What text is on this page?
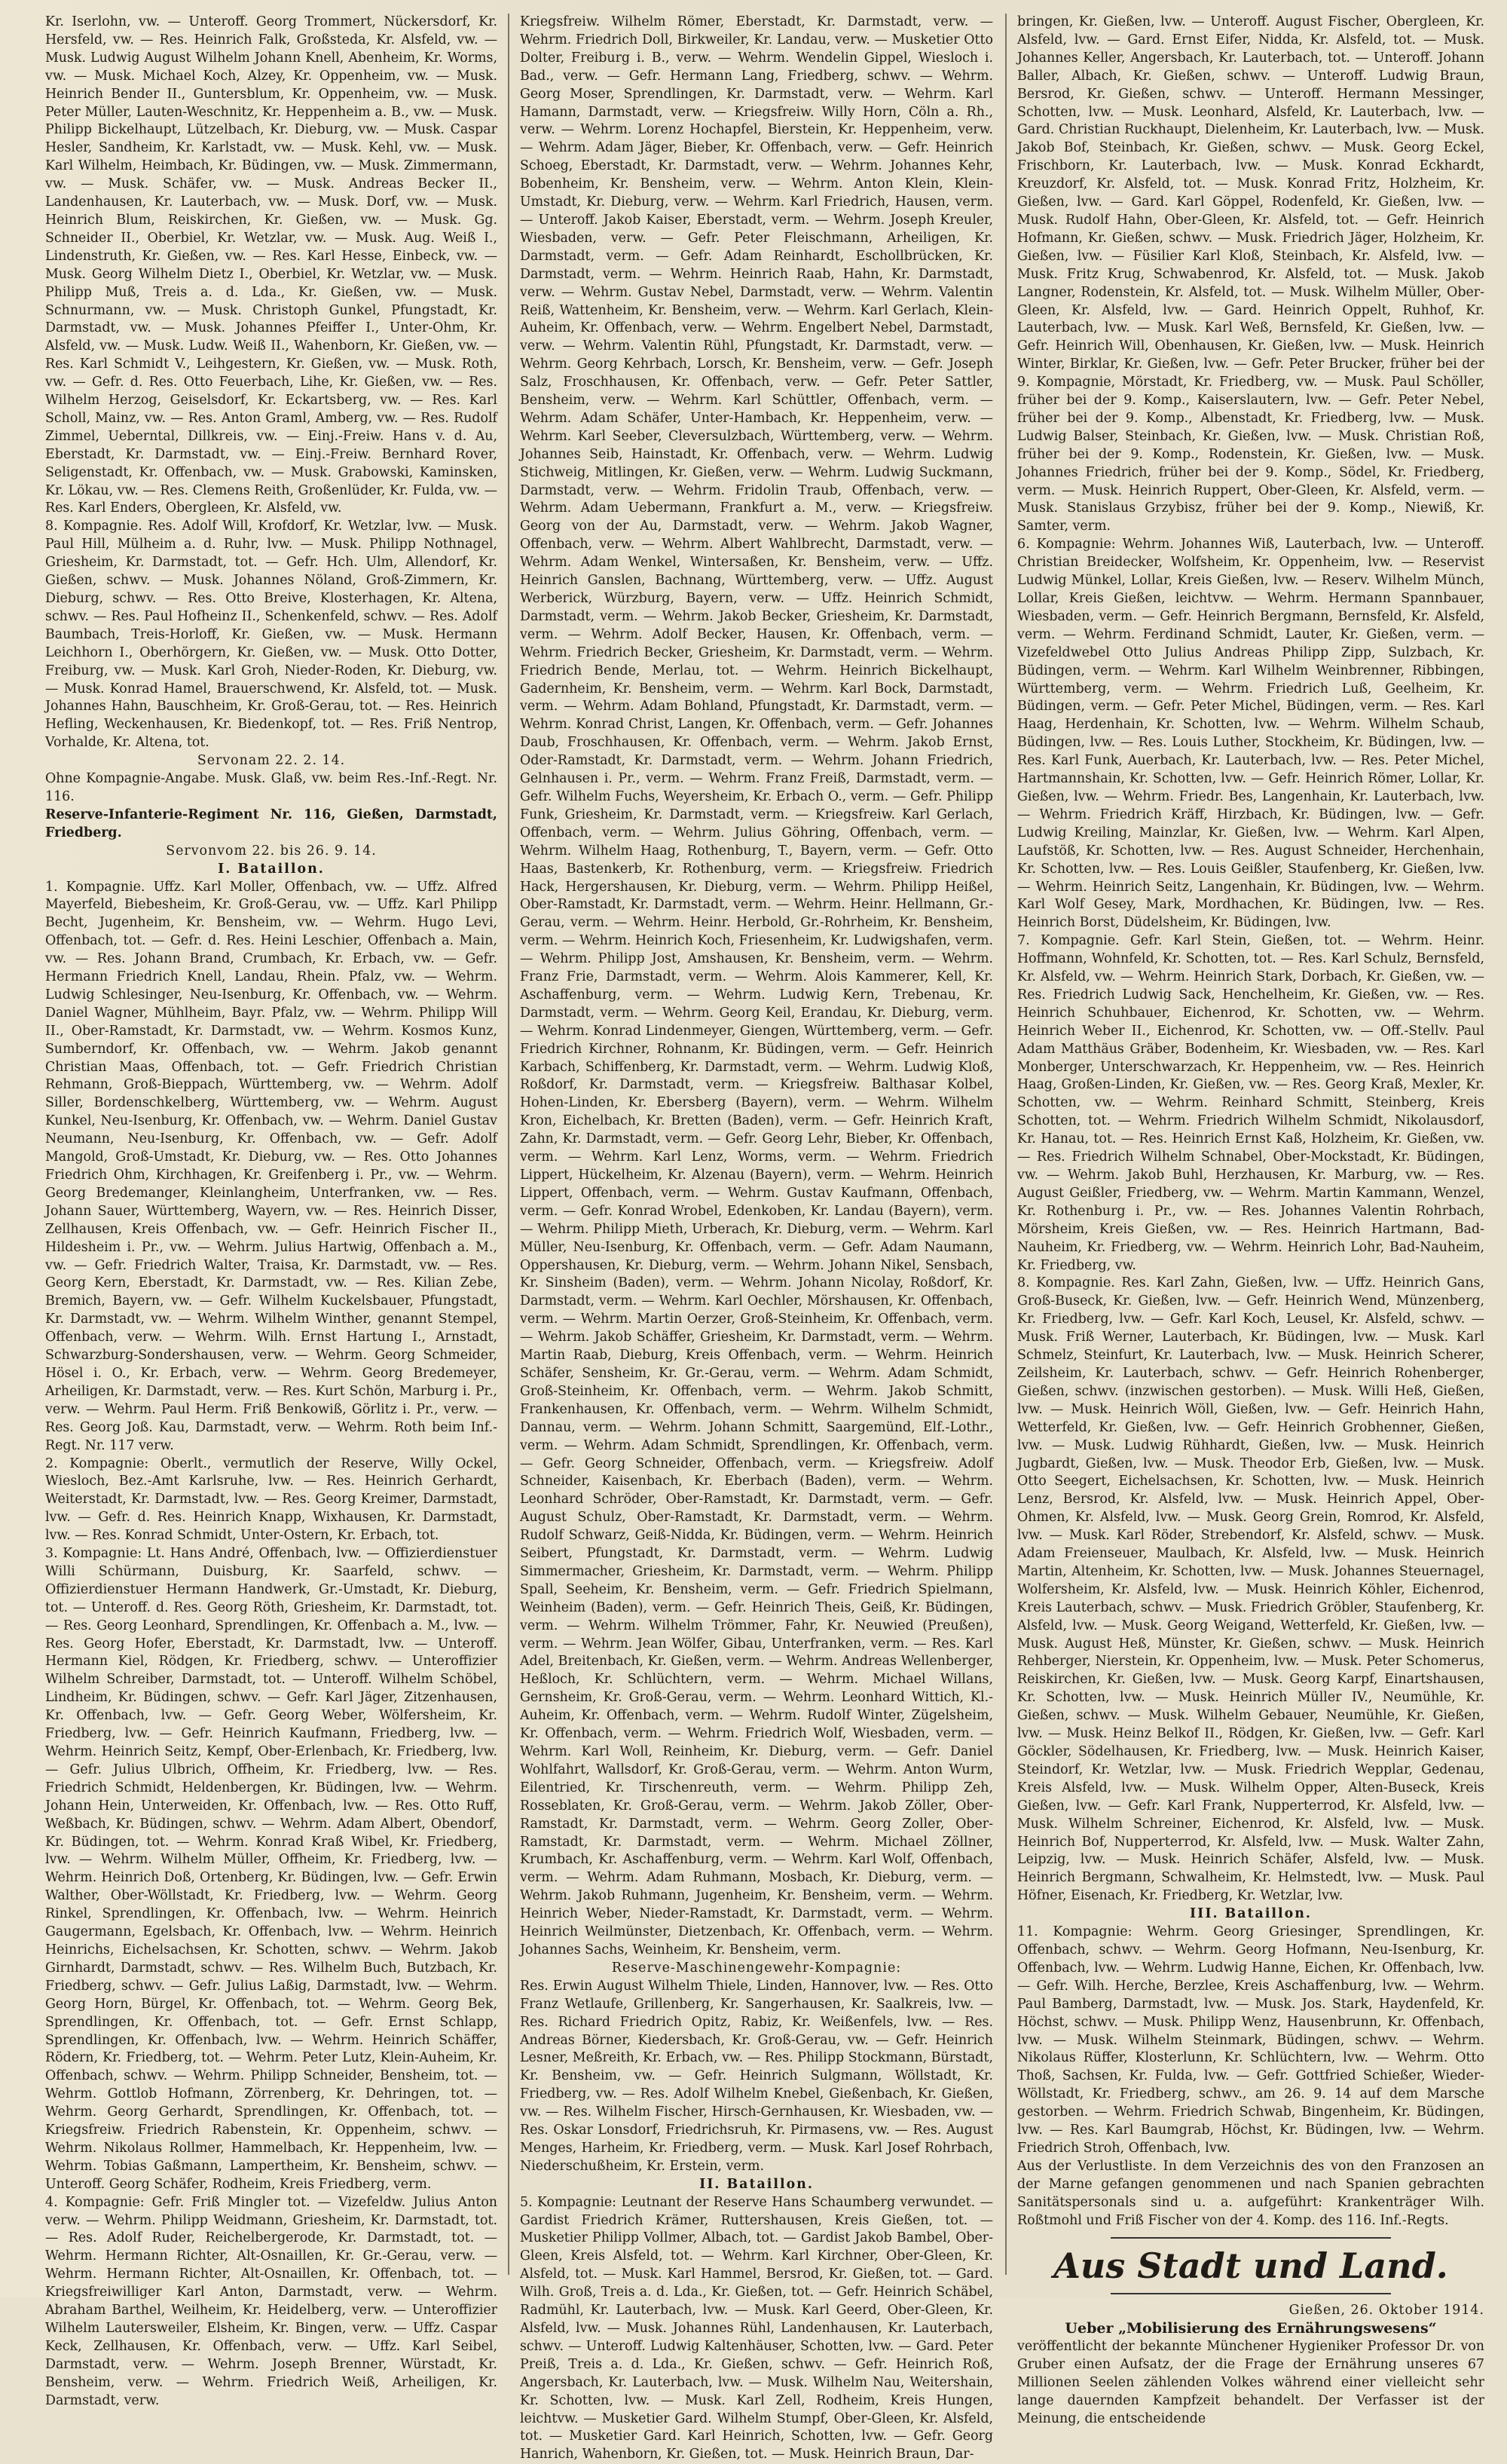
Kr. Iserlohn, vw. — Unteroff. Georg Trommert, Nückersdorf, Kr. Hersfeld, vw. — Res. Heinrich Falk, Großsteda, Kr. Alsfeld, vw. — Musk. Ludwig August Wilhelm Johann Knell, Abenheim, Kr. Worms, vw. — Musk. Michael Koch, Alzey, Kr. Oppenheim, vw. — Musk. Heinrich Bender II., Guntersblum, Kr. Oppenheim, vw. — Musk. Peter Müller, Lauten-Weschnitz, Kr. Heppenheim a. B., vw. — Musk. Philipp Bickelhaupt, Lützelbach, Kr. Dieburg, vw. — Musk. Caspar Hesler, Sandheim, Kr. Karlstadt, vw. — Musk. Kehl, vw. — Musk. Karl Wilhelm, Heimbach, Kr. Büdingen, vw. — Musk. Zimmermann, vw. — Musk. Schäfer, vw. — Musk. Andreas Becker II., Landenhausen, Kr. Lauterbach, vw. — Musk. Dorf, vw. — Musk. Heinrich Blum, Reiskirchen, Kr. Gießen, vw. — Musk. Gg. Schneider II., Oberbiel, Kr. Wetzlar, vw. — Musk. Aug. Weiß I., Lindenstruth, Kr. Gießen, vw. — Res. Karl Hesse, Einbeck, vw. — Musk. Georg Wilhelm Dietz I., Oberbiel, Kr. Wetzlar, vw. — Musk. Philipp Muß, Treis a. d. Lda., Kr. Gießen, vw. — Musk. Schnurmann, vw. — Musk. Christoph Gunkel, Pfungstadt, Kr. Darmstadt, vw. — Musk. Johannes Pfeiffer I., Unter-Ohm, Kr. Alsfeld, vw. — Musk. Ludw. Weiß II., Wahenborn, Kr. Gießen, vw. — Res. Karl Schmidt V., Leihgestern, Kr. Gießen, vw. — Musk. Roth, vw. — Gefr. d. Res. Otto Feuerbach, Lihe, Kr. Gießen, vw. — Res. Wilhelm Herzog, Geiselsdorf, Kr. Eckartsberg, vw. — Res. Karl Scholl, Mainz, vw. — Res. Anton Graml, Amberg, vw. — Res. Rudolf Zimmel, Ueberntal, Dillkreis, vw. — Einj.-Freiw. Hans v. d. Au, Eberstadt, Kr. Darmstadt, vw. — Einj.-Freiw. Bernhard Rover, Seligenstadt, Kr. Offenbach, vw. — Musk. Grabowski, Kaminsken, Kr. Lökau, vw. — Res. Clemens Reith, Großenlüder, Kr. Fulda, vw. — Res. Karl Enders, Obergleen, Kr. Alsfeld, vw.

8. Kompagnie. Res. Adolf Will, Krofdorf, Kr. Wetzlar, lvw. — Musk. Paul Hill, Mülheim a. d. Ruhr, lvw. — Musk. Philipp Nothnagel, Griesheim, Kr. Darmstadt, tot. — Gefr. Hch. Ulm, Allendorf, Kr. Gießen, schwv. — Musk. Johannes Nöland, Groß-Zimmern, Kr. Dieburg, schwv. — Res. Otto Breive, Klosterhagen, Kr. Altena, schwv. — Res. Paul Hofheinz II., Schenkenfeld, schwv. — Res. Adolf Baumbach, Treis-Horloff, Kr. Gießen, vw. — Musk. Hermann Leichhorn I., Oberhörgern, Kr. Gießen, vw. — Musk. Otto Dotter, Freiburg, vw. — Musk. Karl Groh, Nieder-Roden, Kr. Dieburg, vw. — Musk. Konrad Hamel, Brauerschwend, Kr. Alsfeld, tot. — Musk. Johannes Hahn, Bauschheim, Kr. Groß-Gerau, tot. — Res. Heinrich Hefling, Weckenhausen, Kr. Biedenkopf, tot. — Res. Friß Nentrop, Vorhalde, Kr. Altena, tot.

Servonam 22. 2. 14.

Ohne Kompagnie-Angabe. Musk. Glaß, vw. beim Res.-Inf.-Regt. Nr. 116.

Reserve-Infanterie-Regiment Nr. 116, Gießen, Darmstadt, Friedberg.

Servonvom 22. bis 26. 9. 14.

I. Bataillon.

1. Kompagnie. Uffz. Karl Moller, Offenbach, vw. — Uffz. Alfred Mayerfeld, Biebesheim, Kr. Groß-Gerau, vw. — Uffz. Karl Philipp Becht, Jugenheim, Kr. Bensheim, vw. — Wehrm. Hugo Levi, Offenbach, tot. — Gefr. d. Res. Heini Leschier, Offenbach a. Main, vw. — Res. Johann Brand, Crumbach, Kr. Erbach, vw. — Gefr. Hermann Friedrich Knell, Landau, Rhein. Pfalz, vw. — Wehrm. Ludwig Schlesinger, Neu-Isenburg, Kr. Offenbach, vw. — Wehrm. Daniel Wagner, Mühlheim, Bayr. Pfalz, vw. — Wehrm. Philipp Will II., Ober-Ramstadt, Kr. Darmstadt, vw. — Wehrm. Kosmos Kunz, Sumberndorf, Kr. Offenbach, vw. — Wehrm. Jakob genannt Christian Maas, Offenbach, tot. — Gefr. Friedrich Christian Rehmann, Groß-Bieppach, Württemberg, vw. — Wehrm. Adolf Siller, Bordenschkelberg, Württemberg, vw. — Wehrm. August Kunkel, Neu-Isenburg, Kr. Offenbach, vw. — Wehrm. Daniel Gustav Neumann, Neu-Isenburg, Kr. Offenbach, vw. — Gefr. Adolf Mangold, Groß-Umstadt, Kr. Dieburg, vw. — Res. Otto Johannes Friedrich Ohm, Kirchhagen, Kr. Greifenberg i. Pr., vw. — Wehrm. Georg Bredemanger, Kleinlangheim, Unterfranken, vw. — Res. Johann Sauer, Württemberg, Wayern, vw. — Res. Heinrich Disser, Zellhausen, Kreis Offenbach, vw. — Gefr. Heinrich Fischer II., Hildesheim i. Pr., vw. — Wehrm. Julius Hartwig, Offenbach a. M., vw. — Gefr. Friedrich Walter, Traisa, Kr. Darmstadt, vw. — Res. Georg Kern, Eberstadt, Kr. Darmstadt, vw. — Res. Kilian Zebe, Bremich, Bayern, vw. — Gefr. Wilhelm Kuckelsbauer, Pfungstadt, Kr. Darmstadt, vw. — Wehrm. Wilhelm Winther, genannt Stempel, Offenbach, verw. — Wehrm. Wilh. Ernst Hartung I., Arnstadt, Schwarzburg-Sondershausen, verw. — Wehrm. Georg Schmeider, Hösel i. O., Kr. Erbach, verw. — Wehrm. Georg Bredemeyer, Arheiligen, Kr. Darmstadt, verw. — Res. Kurt Schön, Marburg i. Pr., verw. — Wehrm. Paul Herm. Friß Benkowiß, Görlitz i. Pr., verw. — Res. Georg Joß. Kau, Darmstadt, verw. — Wehrm. Roth beim Inf.-Regt. Nr. 117 verw.

2. Kompagnie: Oberlt., vermutlich der Reserve, Willy Ockel, Wiesloch, Bez.-Amt Karlsruhe, lvw. — Res. Heinrich Gerhardt, Weiterstadt, Kr. Darmstadt, lvw. — Res. Georg Kreimer, Darmstadt, lvw. — Gefr. d. Res. Heinrich Knapp, Wixhausen, Kr. Darmstadt, lvw. — Res. Konrad Schmidt, Unter-Ostern, Kr. Erbach, tot.

3. Kompagnie: Lt. Hans André, Offenbach, lvw. — Offizierdienstuer Willi Schürmann, Duisburg, Kr. Saarfeld, schwv. — Offizierdienstuer Hermann Handwerk, Gr.-Umstadt, Kr. Dieburg, tot. — Unteroff. d. Res. Georg Röth, Griesheim, Kr. Darmstadt, tot. — Res. Georg Leonhard, Sprendlingen, Kr. Offenbach a. M., lvw. — Res. Georg Hofer, Eberstadt, Kr. Darmstadt, lvw. — Unteroff. Hermann Kiel, Rödgen, Kr. Friedberg, schwv. — Unteroffizier Wilhelm Schreiber, Darmstadt, tot. — Unteroff. Wilhelm Schöbel, Lindheim, Kr. Büdingen, schwv. — Gefr. Karl Jäger, Zitzenhausen, Kr. Offenbach, lvw. — Gefr. Georg Weber, Wölfersheim, Kr. Friedberg, lvw. — Gefr. Heinrich Kaufmann, Friedberg, lvw. — Wehrm. Heinrich Seitz, Kempf, Ober-Erlenbach, Kr. Friedberg, lvw. — Gefr. Julius Ulbrich, Offheim, Kr. Friedberg, lvw. — Res. Friedrich Schmidt, Heldenbergen, Kr. Büdingen, lvw. — Wehrm. Johann Hein, Unterweiden, Kr. Offenbach, lvw. — Res. Otto Ruff, Weßbach, Kr. Büdingen, schwv. — Wehrm. Adam Albert, Obendorf, Kr. Büdingen, tot. — Wehrm. Konrad Kraß Wibel, Kr. Friedberg, lvw. — Wehrm. Wilhelm Müller, Offheim, Kr. Friedberg, lvw. — Wehrm. Heinrich Doß, Ortenberg, Kr. Büdingen, lvw. — Gefr. Erwin Walther, Ober-Wöllstadt, Kr. Friedberg, lvw. — Wehrm. Georg Rinkel, Sprendlingen, Kr. Offenbach, lvw. — Wehrm. Heinrich Gaugermann, Egelsbach, Kr. Offenbach, lvw. — Wehrm. Heinrich Heinrichs, Eichelsachsen, Kr. Schotten, schwv. — Wehrm. Jakob Girnhardt, Darmstadt, schwv. — Res. Wilhelm Buch, Butzbach, Kr. Friedberg, schwv. — Gefr. Julius Laßig, Darmstadt, lvw. — Wehrm. Georg Horn, Bürgel, Kr. Offenbach, tot. — Wehrm. Georg Bek, Sprendlingen, Kr. Offenbach, tot. — Gefr. Ernst Schlapp, Sprendlingen, Kr. Offenbach, lvw. — Wehrm. Heinrich Schäffer, Rödern, Kr. Friedberg, tot. — Wehrm. Peter Lutz, Klein-Auheim, Kr. Offenbach, schwv. — Wehrm. Philipp Schneider, Bensheim, tot. — Wehrm. Gottlob Hofmann, Zörrenberg, Kr. Dehringen, tot. — Wehrm. Georg Gerhardt, Sprendlingen, Kr. Offenbach, tot. — Kriegsfreiw. Friedrich Rabenstein, Kr. Oppenheim, schwv. — Wehrm. Nikolaus Rollmer, Hammelbach, Kr. Heppenheim, lvw. — Wehrm. Tobias Gaßmann, Lampertheim, Kr. Bensheim, schwv. — Unteroff. Georg Schäfer, Rodheim, Kreis Friedberg, verm.

4. Kompagnie: Gefr. Friß Mingler tot. — Vizefeldw. Julius Anton verw. — Wehrm. Philipp Weidmann, Griesheim, Kr. Darmstadt, tot. — Res. Adolf Ruder, Reichelbergerode, Kr. Darmstadt, tot. — Wehrm. Hermann Richter, Alt-Osnaillen, Kr. Gr.-Gerau, verw. — Wehrm. Hermann Richter, Alt-Osnaillen, Kr. Offenbach, tot. — Kriegsfreiwilliger Karl Anton, Darmstadt, verw. — Wehrm. Abraham Barthel, Weilheim, Kr. Heidelberg, verw. — Unteroffizier Wilhelm Lautersweiler, Elsheim, Kr. Bingen, verw. — Uffz. Caspar Keck, Zellhausen, Kr. Offenbach, verw. — Uffz. Karl Seibel, Darmstadt, verw. — Wehrm. Joseph Brenner, Würstadt, Kr. Bensheim, verw. — Wehrm. Friedrich Weiß, Arheiligen, Kr. Darmstadt, verw.

Kriegsfreiw. Wilhelm Römer, Eberstadt, Kr. Darmstadt, verw. — Wehrm. Friedrich Doll, Birkweiler, Kr. Landau, verw. — Musketier Otto Dolter, Freiburg i. B., verw. — Wehrm. Wendelin Gippel, Wiesloch i. Bad., verw. — Gefr. Hermann Lang, Friedberg, schwv. — Wehrm. Georg Moser, Sprendlingen, Kr. Darmstadt, verw. — Wehrm. Karl Hamann, Darmstadt, verw. — Kriegsfreiw. Willy Horn, Cöln a. Rh., verw. — Wehrm. Lorenz Hochapfel, Bierstein, Kr. Heppenheim, verw. — Wehrm. Adam Jäger, Bieber, Kr. Offenbach, verw. — Gefr. Heinrich Schoeg, Eberstadt, Kr. Darmstadt, verw. — Wehrm. Johannes Kehr, Bobenheim, Kr. Bensheim, verw. — Wehrm. Anton Klein, Klein-Umstadt, Kr. Dieburg, verw. — Wehrm. Karl Friedrich, Hausen, verm. — Unteroff. Jakob Kaiser, Eberstadt, verm. — Wehrm. Joseph Kreuler, Wiesbaden, verw. — Gefr. Peter Fleischmann, Arheiligen, Kr. Darmstadt, verm. — Gefr. Adam Reinhardt, Eschollbrücken, Kr. Darmstadt, verm. — Wehrm. Heinrich Raab, Hahn, Kr. Darmstadt, verw. — Wehrm. Gustav Nebel, Darmstadt, verw. — Wehrm. Valentin Reiß, Wattenheim, Kr. Bensheim, verw. — Wehrm. Karl Gerlach, Klein-Auheim, Kr. Offenbach, verw. — Wehrm. Engelbert Nebel, Darmstadt, verw. — Wehrm. Valentin Rühl, Pfungstadt, Kr. Darmstadt, verw. — Wehrm. Georg Kehrbach, Lorsch, Kr. Bensheim, verw. — Gefr. Joseph Salz, Froschhausen, Kr. Offenbach, verw. — Gefr. Peter Sattler, Bensheim, verw. — Wehrm. Karl Schüttler, Offenbach, verm. — Wehrm. Adam Schäfer, Unter-Hambach, Kr. Heppenheim, verw. — Wehrm. Karl Seeber, Cleversulzbach, Württemberg, verw. — Wehrm. Johannes Seib, Hainstadt, Kr. Offenbach, verw. — Wehrm. Ludwig Stichweig, Mitlingen, Kr. Gießen, verw. — Wehrm. Ludwig Suckmann, Darmstadt, verw. — Wehrm. Fridolin Traub, Offenbach, verw. — Wehrm. Adam Uebermann, Frankfurt a. M., verw. — Kriegsfreiw. Georg von der Au, Darmstadt, verw. — Wehrm. Jakob Wagner, Offenbach, verw. — Wehrm. Albert Wahlbrecht, Darmstadt, verw. — Wehrm. Adam Wenkel, Wintersaßen, Kr. Bensheim, verw. — Uffz. Heinrich Ganslen, Bachnang, Württemberg, verw. — Uffz. August Werberick, Würzburg, Bayern, verw. — Uffz. Heinrich Schmidt, Darmstadt, verm. — Wehrm. Jakob Becker, Griesheim, Kr. Darmstadt, verm. — Wehrm. Adolf Becker, Hausen, Kr. Offenbach, verm. — Wehrm. Friedrich Becker, Griesheim, Kr. Darmstadt, verm. — Wehrm. Friedrich Bende, Merlau, tot. — Wehrm. Heinrich Bickelhaupt, Gadernheim, Kr. Bensheim, verm. — Wehrm. Karl Bock, Darmstadt, verm. — Wehrm. Adam Bohland, Pfungstadt, Kr. Darmstadt, verm. — Wehrm. Konrad Christ, Langen, Kr. Offenbach, verm. — Gefr. Johannes Daub, Froschhausen, Kr. Offenbach, verm. — Wehrm. Jakob Ernst, Oder-Ramstadt, Kr. Darmstadt, verm. — Wehrm. Johann Friedrich, Gelnhausen i. Pr., verm. — Wehrm. Franz Freiß, Darmstadt, verm. — Gefr. Wilhelm Fuchs, Weyersheim, Kr. Erbach O., verm. — Gefr. Philipp Funk, Griesheim, Kr. Darmstadt, verm. — Kriegsfreiw. Karl Gerlach, Offenbach, verm. — Wehrm. Julius Göhring, Offenbach, verm. — Wehrm. Wilhelm Haag, Rothenburg, T., Bayern, verm. — Gefr. Otto Haas, Bastenkerb, Kr. Rothenburg, verm. — Kriegsfreiw. Friedrich Hack, Hergershausen, Kr. Dieburg, verm. — Wehrm. Philipp Heißel, Ober-Ramstadt, Kr. Darmstadt, verm. — Wehrm. Heinr. Hellmann, Gr.-Gerau, verm. — Wehrm. Heinr. Herbold, Gr.-Rohrheim, Kr. Bensheim, verm. — Wehrm. Heinrich Koch, Friesenheim, Kr. Ludwigshafen, verm. — Wehrm. Philipp Jost, Amshausen, Kr. Bensheim, verm. — Wehrm. Franz Frie, Darmstadt, verm. — Wehrm. Alois Kammerer, Kell, Kr. Aschaffenburg, verm. — Wehrm. Ludwig Kern, Trebenau, Kr. Darmstadt, verm. — Wehrm. Georg Keil, Erandau, Kr. Dieburg, verm. — Wehrm. Konrad Lindenmeyer, Giengen, Württemberg, verm. — Gefr. Friedrich Kirchner, Rohnanm, Kr. Büdingen, verm. — Gefr. Heinrich Karbach, Schiffenberg, Kr. Darmstadt, verm. — Wehrm. Ludwig Kloß, Roßdorf, Kr. Darmstadt, verm. — Kriegsfreiw. Balthasar Kolbel, Hohen-Linden, Kr. Ebersberg (Bayern), verm. — Wehrm. Wilhelm Kron, Eichelbach, Kr. Bretten (Baden), verm. — Gefr. Heinrich Kraft, Zahn, Kr. Darmstadt, verm. — Gefr. Georg Lehr, Bieber, Kr. Offenbach, verm. — Wehrm. Karl Lenz, Worms, verm. — Wehrm. Friedrich Lippert, Hückelheim, Kr. Alzenau (Bayern), verm. — Wehrm. Heinrich Lippert, Offenbach, verm. — Wehrm. Gustav Kaufmann, Offenbach, verm. — Gefr. Konrad Wrobel, Edenkoben, Kr. Landau (Bayern), verm. — Wehrm. Philipp Mieth, Urberach, Kr. Dieburg, verm. — Wehrm. Karl Müller, Neu-Isenburg, Kr. Offenbach, verm. — Gefr. Adam Naumann, Oppershausen, Kr. Dieburg, verm. — Wehrm. Johann Nikel, Sensbach, Kr. Sinsheim (Baden), verm. — Wehrm. Johann Nicolay, Roßdorf, Kr. Darmstadt, verm. — Wehrm. Karl Oechler, Mörshausen, Kr. Offenbach, verm. — Wehrm. Martin Oerzer, Groß-Steinheim, Kr. Offenbach, verm. — Wehrm. Jakob Schäffer, Griesheim, Kr. Darmstadt, verm. — Wehrm. Martin Raab, Dieburg, Kreis Offenbach, verm. — Wehrm. Heinrich Schäfer, Sensheim, Kr. Gr.-Gerau, verm. — Wehrm. Adam Schmidt, Groß-Steinheim, Kr. Offenbach, verm. — Wehrm. Jakob Schmitt, Frankenhausen, Kr. Offenbach, verm. — Wehrm. Wilhelm Schmidt, Dannau, verm. — Wehrm. Johann Schmitt, Saargemünd, Elf.-Lothr., verm. — Wehrm. Adam Schmidt, Sprendlingen, Kr. Offenbach, verm. — Gefr. Georg Schneider, Offenbach, verm. — Kriegsfreiw. Adolf Schneider, Kaisenbach, Kr. Eberbach (Baden), verm. — Wehrm. Leonhard Schröder, Ober-Ramstadt, Kr. Darmstadt, verm. — Gefr. August Schulz, Ober-Ramstadt, Kr. Darmstadt, verm. — Wehrm. Rudolf Schwarz, Geiß-Nidda, Kr. Büdingen, verm. — Wehrm. Heinrich Seibert, Pfungstadt, Kr. Darmstadt, verm. — Wehrm. Ludwig Simmermacher, Griesheim, Kr. Darmstadt, verm. — Wehrm. Philipp Spall, Seeheim, Kr. Bensheim, verm. — Gefr. Friedrich Spielmann, Weinheim (Baden), verm. — Gefr. Heinrich Theis, Geiß, Kr. Büdingen, verm. — Wehrm. Wilhelm Trömmer, Fahr, Kr. Neuwied (Preußen), verm. — Wehrm. Jean Wölfer, Gibau, Unterfranken, verm. — Res. Karl Adel, Breitenbach, Kr. Gießen, verm. — Wehrm. Andreas Wellenberger, Heßloch, Kr. Schlüchtern, verm. — Wehrm. Michael Willans, Gernsheim, Kr. Groß-Gerau, verm. — Wehrm. Leonhard Wittich, Kl.-Auheim, Kr. Offenbach, verm. — Wehrm. Rudolf Winter, Zügelsheim, Kr. Offenbach, verm. — Wehrm. Friedrich Wolf, Wiesbaden, verm. — Wehrm. Karl Woll, Reinheim, Kr. Dieburg, verm. — Gefr. Daniel Wohlfahrt, Wallsdorf, Kr. Groß-Gerau, verm. — Wehrm. Anton Wurm, Eilentried, Kr. Tirschenreuth, verm. — Wehrm. Philipp Zeh, Rosseblaten, Kr. Groß-Gerau, verm. — Wehrm. Jakob Zöller, Ober-Ramstadt, Kr. Darmstadt, verm. — Wehrm. Georg Zoller, Ober-Ramstadt, Kr. Darmstadt, verm. — Wehrm. Michael Zöllner, Krumbach, Kr. Aschaffenburg, verm. — Wehrm. Karl Wolf, Offenbach, verm. — Wehrm. Adam Ruhmann, Mosbach, Kr. Dieburg, verm. — Wehrm. Jakob Ruhmann, Jugenheim, Kr. Bensheim, verm. — Wehrm. Heinrich Weber, Nieder-Ramstadt, Kr. Darmstadt, verm. — Wehrm. Heinrich Weilmünster, Dietzenbach, Kr. Offenbach, verm. — Wehrm. Johannes Sachs, Weinheim, Kr. Bensheim, verm.

Reserve-Maschinengewehr-Kompagnie:

Res. Erwin August Wilhelm Thiele, Linden, Hannover, lvw. — Res. Otto Franz Wetlaufe, Grillenberg, Kr. Sangerhausen, Kr. Saalkreis, lvw. — Res. Richard Friedrich Opitz, Rabiz, Kr. Weißenfels, lvw. — Res. Andreas Börner, Kiedersbach, Kr. Groß-Gerau, vw. — Gefr. Heinrich Lesner, Meßreith, Kr. Erbach, vw. — Res. Philipp Stockmann, Bürstadt, Kr. Bensheim, vw. — Gefr. Heinrich Sulgmann, Wöllstadt, Kr. Friedberg, vw. — Res. Adolf Wilhelm Knebel, Gießenbach, Kr. Gießen, vw. — Res. Wilhelm Fischer, Hirsch-Gernhausen, Kr. Wiesbaden, vw. — Res. Oskar Lonsdorf, Friedrichsruh, Kr. Pirmasens, vw. — Res. August Menges, Harheim, Kr. Friedberg, verm. — Musk. Karl Josef Rohrbach, Niederschußheim, Kr. Erstein, verm.

II. Bataillon.

5. Kompagnie: Leutnant der Reserve Hans Schaumberg verwundet. — Gardist Friedrich Krämer, Ruttershausen, Kreis Gießen, tot. — Musketier Philipp Vollmer, Albach, tot. — Gardist Jakob Bambel, Ober-Gleen, Kreis Alsfeld, tot. — Wehrm. Karl Kirchner, Ober-Gleen, Kr. Alsfeld, tot. — Musk. Karl Hammel, Bersrod, Kr. Gießen, tot. — Gard. Wilh. Groß, Treis a. d. Lda., Kr. Gießen, tot. — Gefr. Heinrich Schäbel, Radmühl, Kr. Lauterbach, lvw. — Musk. Karl Geerd, Ober-Gleen, Kr. Alsfeld, lvw. — Musk. Johannes Rühl, Landenhausen, Kr. Lauterbach, schwv. — Unteroff. Ludwig Kaltenhäuser, Schotten, lvw. — Gard. Peter Preiß, Treis a. d. Lda., Kr. Gießen, schwv. — Gefr. Heinrich Roß, Angersbach, Kr. Lauterbach, lvw. — Musk. Wilhelm Nau, Weitershain, Kr. Schotten, lvw. — Musk. Karl Zell, Rodheim, Kreis Hungen, leichtvw. — Musketier Gard. Wilhelm Stumpf, Ober-Gleen, Kr. Alsfeld, tot. — Musketier Gard. Karl Heinrich, Schotten, lvw. — Gefr. Georg Hanrich, Wahenborn, Kr. Gießen, tot. — Musk. Heinrich Braun, Dar-

bringen, Kr. Gießen, lvw. — Unteroff. August Fischer, Obergleen, Kr. Alsfeld, lvw. — Gard. Ernst Eifer, Nidda, Kr. Alsfeld, tot. — Musk. Johannes Keller, Angersbach, Kr. Lauterbach, tot. — Unteroff. Johann Baller, Albach, Kr. Gießen, schwv. — Unteroff. Ludwig Braun, Bersrod, Kr. Gießen, schwv. — Unteroff. Hermann Messinger, Schotten, lvw. — Musk. Leonhard, Alsfeld, Kr. Lauterbach, lvw. — Gard. Christian Ruckhaupt, Dielenheim, Kr. Lauterbach, lvw. — Musk. Jakob Bof, Steinbach, Kr. Gießen, schwv. — Musk. Georg Eckel, Frischborn, Kr. Lauterbach, lvw. — Musk. Konrad Eckhardt, Kreuzdorf, Kr. Alsfeld, tot. — Musk. Konrad Fritz, Holzheim, Kr. Gießen, lvw. — Gard. Karl Göppel, Rodenfeld, Kr. Gießen, lvw. — Musk. Rudolf Hahn, Ober-Gleen, Kr. Alsfeld, tot. — Gefr. Heinrich Hofmann, Kr. Gießen, schwv. — Musk. Friedrich Jäger, Holzheim, Kr. Gießen, lvw. — Füsilier Karl Kloß, Steinbach, Kr. Alsfeld, lvw. — Musk. Fritz Krug, Schwabenrod, Kr. Alsfeld, tot. — Musk. Jakob Langner, Rodenstein, Kr. Alsfeld, tot. — Musk. Wilhelm Müller, Ober-Gleen, Kr. Alsfeld, lvw. — Gard. Heinrich Oppelt, Ruhhof, Kr. Lauterbach, lvw. — Musk. Karl Weß, Bernsfeld, Kr. Gießen, lvw. — Gefr. Heinrich Will, Obenhausen, Kr. Gießen, lvw. — Musk. Heinrich Winter, Birklar, Kr. Gießen, lvw. — Gefr. Peter Brucker, früher bei der 9. Kompagnie, Mörstadt, Kr. Friedberg, vw. — Musk. Paul Schöller, früher bei der 9. Komp., Kaiserslautern, lvw. — Gefr. Peter Nebel, früher bei der 9. Komp., Albenstadt, Kr. Friedberg, lvw. — Musk. Ludwig Balser, Steinbach, Kr. Gießen, lvw. — Musk. Christian Roß, früher bei der 9. Komp., Rodenstein, Kr. Gießen, lvw. — Musk. Johannes Friedrich, früher bei der 9. Komp., Södel, Kr. Friedberg, verm. — Musk. Heinrich Ruppert, Ober-Gleen, Kr. Alsfeld, verm. — Musk. Stanislaus Grzybisz, früher bei der 9. Komp., Niewiß, Kr. Samter, verm.

6. Kompagnie: Wehrm. Johannes Wiß, Lauterbach, lvw. — Unteroff. Christian Breidecker, Wolfsheim, Kr. Oppenheim, lvw. — Reservist Ludwig Münkel, Lollar, Kreis Gießen, lvw. — Reserv. Wilhelm Münch, Lollar, Kreis Gießen, leichtvw. — Wehrm. Hermann Spannbauer, Wiesbaden, verm. — Gefr. Heinrich Bergmann, Bernsfeld, Kr. Alsfeld, verm. — Wehrm. Ferdinand Schmidt, Lauter, Kr. Gießen, verm. — Vizefeldwebel Otto Julius Andreas Philipp Zipp, Sulzbach, Kr. Büdingen, verm. — Wehrm. Karl Wilhelm Weinbrenner, Ribbingen, Württemberg, verm. — Wehrm. Friedrich Luß, Geelheim, Kr. Büdingen, verm. — Gefr. Peter Michel, Büdingen, verm. — Res. Karl Haag, Herdenhain, Kr. Schotten, lvw. — Wehrm. Wilhelm Schaub, Büdingen, lvw. — Res. Louis Luther, Stockheim, Kr. Büdingen, lvw. — Res. Karl Funk, Auerbach, Kr. Lauterbach, lvw. — Res. Peter Michel, Hartmannshain, Kr. Schotten, lvw. — Gefr. Heinrich Römer, Lollar, Kr. Gießen, lvw. — Wehrm. Friedr. Bes, Langenhain, Kr. Lauterbach, lvw. — Wehrm. Friedrich Kräff, Hirzbach, Kr. Büdingen, lvw. — Gefr. Ludwig Kreiling, Mainzlar, Kr. Gießen, lvw. — Wehrm. Karl Alpen, Laufstöß, Kr. Schotten, lvw. — Res. August Schneider, Herchenhain, Kr. Schotten, lvw. — Res. Louis Geißler, Staufenberg, Kr. Gießen, lvw. — Wehrm. Heinrich Seitz, Langenhain, Kr. Büdingen, lvw. — Wehrm. Karl Wolf Gesey, Mark, Mordhachen, Kr. Büdingen, lvw. — Res. Heinrich Borst, Düdelsheim, Kr. Büdingen, lvw.

7. Kompagnie. Gefr. Karl Stein, Gießen, tot. — Wehrm. Heinr. Hoffmann, Wohnfeld, Kr. Schotten, tot. — Res. Karl Schulz, Bernsfeld, Kr. Alsfeld, vw. — Wehrm. Heinrich Stark, Dorbach, Kr. Gießen, vw. — Res. Friedrich Ludwig Sack, Henchelheim, Kr. Gießen, vw. — Res. Heinrich Schuhbauer, Eichenrod, Kr. Schotten, vw. — Wehrm. Heinrich Weber II., Eichenrod, Kr. Schotten, vw. — Off.-Stellv. Paul Adam Matthäus Gräber, Bodenheim, Kr. Wiesbaden, vw. — Res. Karl Monberger, Unterschwarzach, Kr. Heppenheim, vw. — Res. Heinrich Haag, Großen-Linden, Kr. Gießen, vw. — Res. Georg Kraß, Mexler, Kr. Schotten, vw. — Wehrm. Reinhard Schmitt, Steinberg, Kreis Schotten, tot. — Wehrm. Friedrich Wilhelm Schmidt, Nikolausdorf, Kr. Hanau, tot. — Res. Heinrich Ernst Kaß, Holzheim, Kr. Gießen, vw. — Res. Friedrich Wilhelm Schnabel, Ober-Mockstadt, Kr. Büdingen, vw. — Wehrm. Jakob Buhl, Herzhausen, Kr. Marburg, vw. — Res. August Geißler, Friedberg, vw. — Wehrm. Martin Kammann, Wenzel, Kr. Rothenburg i. Pr., vw. — Res. Johannes Valentin Rohrbach, Mörsheim, Kreis Gießen, vw. — Res. Heinrich Hartmann, Bad-Nauheim, Kr. Friedberg, vw. — Wehrm. Heinrich Lohr, Bad-Nauheim, Kr. Friedberg, vw.

8. Kompagnie. Res. Karl Zahn, Gießen, lvw. — Uffz. Heinrich Gans, Groß-Buseck, Kr. Gießen, lvw. — Gefr. Heinrich Wend, Münzenberg, Kr. Friedberg, lvw. — Gefr. Karl Koch, Leusel, Kr. Alsfeld, schwv. — Musk. Friß Werner, Lauterbach, Kr. Büdingen, lvw. — Musk. Karl Schmelz, Steinfurt, Kr. Lauterbach, lvw. — Musk. Heinrich Scherer, Zeilsheim, Kr. Lauterbach, schwv. — Gefr. Heinrich Rohenberger, Gießen, schwv. (inzwischen gestorben). — Musk. Willi Heß, Gießen, lvw. — Musk. Heinrich Wöll, Gießen, lvw. — Gefr. Heinrich Hahn, Wetterfeld, Kr. Gießen, lvw. — Gefr. Heinrich Grobhenner, Gießen, lvw. — Musk. Ludwig Rühhardt, Gießen, lvw. — Musk. Heinrich Jugbardt, Gießen, lvw. — Musk. Theodor Erb, Gießen, lvw. — Musk. Otto Seegert, Eichelsachsen, Kr. Schotten, lvw. — Musk. Heinrich Lenz, Bersrod, Kr. Alsfeld, lvw. — Musk. Heinrich Appel, Ober-Ohmen, Kr. Alsfeld, lvw. — Musk. Georg Grein, Romrod, Kr. Alsfeld, lvw. — Musk. Karl Röder, Strebendorf, Kr. Alsfeld, schwv. — Musk. Adam Freienseuer, Maulbach, Kr. Alsfeld, lvw. — Musk. Heinrich Martin, Altenheim, Kr. Schotten, lvw. — Musk. Johannes Steuernagel, Wolfersheim, Kr. Alsfeld, lvw. — Musk. Heinrich Köhler, Eichenrod, Kreis Lauterbach, schwv. — Musk. Friedrich Gröbler, Staufenberg, Kr. Alsfeld, lvw. — Musk. Georg Weigand, Wetterfeld, Kr. Gießen, lvw. — Musk. August Heß, Münster, Kr. Gießen, schwv. — Musk. Heinrich Rehberger, Nierstein, Kr. Oppenheim, lvw. — Musk. Peter Schomerus, Reiskirchen, Kr. Gießen, lvw. — Musk. Georg Karpf, Einartshausen, Kr. Schotten, lvw. — Musk. Heinrich Müller IV., Neumühle, Kr. Gießen, schwv. — Musk. Wilhelm Gebauer, Neumühle, Kr. Gießen, lvw. — Musk. Heinz Belkof II., Rödgen, Kr. Gießen, lvw. — Gefr. Karl Göckler, Södelhausen, Kr. Friedberg, lvw. — Musk. Heinrich Kaiser, Steindorf, Kr. Wetzlar, lvw. — Musk. Friedrich Wepplar, Gedenau, Kreis Alsfeld, lvw. — Musk. Wilhelm Opper, Alten-Buseck, Kreis Gießen, lvw. — Gefr. Karl Frank, Nupperterrod, Kr. Alsfeld, lvw. — Musk. Wilhelm Schreiner, Eichenrod, Kr. Alsfeld, lvw. — Musk. Heinrich Bof, Nupperterrod, Kr. Alsfeld, lvw. — Musk. Walter Zahn, Leipzig, lvw. — Musk. Heinrich Schäfer, Alsfeld, lvw. — Musk. Heinrich Bergmann, Schwalheim, Kr. Helmstedt, lvw. — Musk. Paul Höfner, Eisenach, Kr. Friedberg, Kr. Wetzlar, lvw.

III. Bataillon.

11. Kompagnie: Wehrm. Georg Griesinger, Sprendlingen, Kr. Offenbach, schwv. — Wehrm. Georg Hofmann, Neu-Isenburg, Kr. Offenbach, lvw. — Wehrm. Ludwig Hanne, Eichen, Kr. Offenbach, lvw. — Gefr. Wilh. Herche, Berzlee, Kreis Aschaffenburg, lvw. — Wehrm. Paul Bamberg, Darmstadt, lvw. — Musk. Jos. Stark, Haydenfeld, Kr. Höchst, schwv. — Musk. Philipp Wenz, Hausenbrunn, Kr. Offenbach, lvw. — Musk. Wilhelm Steinmark, Büdingen, schwv. — Wehrm. Nikolaus Rüffer, Klosterlunn, Kr. Schlüchtern, lvw. — Wehrm. Otto Thoß, Sachsen, Kr. Fulda, lvw. — Gefr. Gottfried Schießer, Wieder-Wöllstadt, Kr. Friedberg, schwv., am 26. 9. 14 auf dem Marsche gestorben. — Wehrm. Friedrich Schwab, Bingenheim, Kr. Büdingen, lvw. — Res. Karl Baumgrab, Höchst, Kr. Büdingen, lvw. — Wehrm. Friedrich Stroh, Offenbach, lvw.

Aus der Verlustliste. In dem Verzeichnis des von den Franzosen an der Marne gefangen genommenen und nach Spanien gebrachten Sanitätspersonals sind u. a. aufgeführt: Krankenträger Wilh. Roßtmohl und Friß Fischer von der 4. Komp. des 116. Inf.-Regts.

Aus Stadt und Land.

Gießen, 26. Oktober 1914.

Ueber „Mobilisierung des Ernährungswesens“

veröffentlicht der bekannte Münchener Hygieniker Professor Dr. von Gruber einen Aufsatz, der die Frage der Ernährung unseres 67 Millionen Seelen zählenden Volkes während einer vielleicht sehr lange dauernden Kampfzeit behandelt. Der Verfasser ist der Meinung, die entscheidende
